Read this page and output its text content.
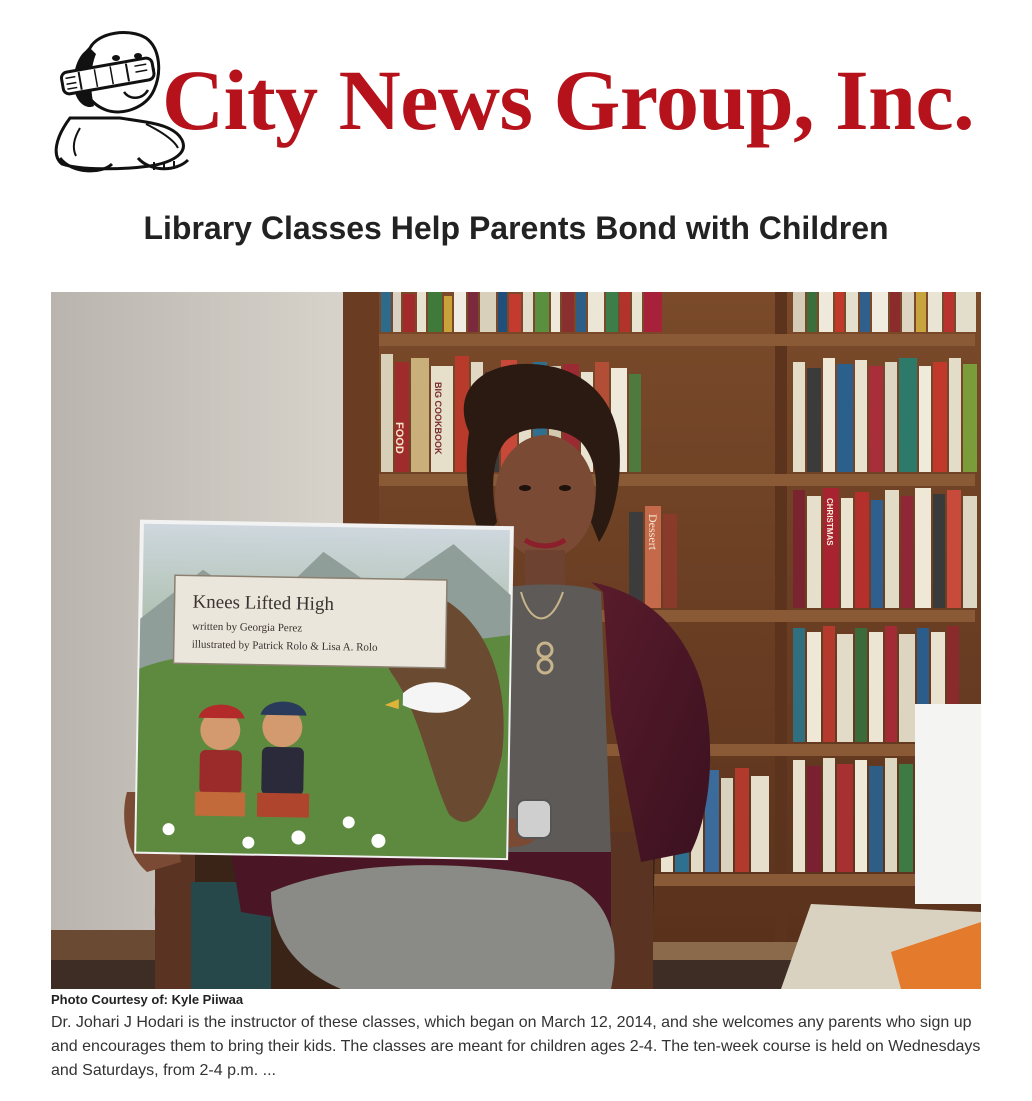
City News Group, Inc.
Library Classes Help Parents Bond with Children
FOOD	BIG COOKBOOK
Dessert	CHRISTMAS
Knees Lifted High
written by Georgia Perez
illustrated by Patrick Rolo & Lisa A. Rolo
Photo Courtesy of: Kyle Piiwaa

Dr. Johari J Hodari is the instructor of these classes, which began on March 12, 2014, and she welcomes any parents who sign up and encourages them to bring their kids. The classes are meant for children ages 2-4. The ten-week course is held on Wednesdays and Saturdays, from 2-4 p.m. ...
